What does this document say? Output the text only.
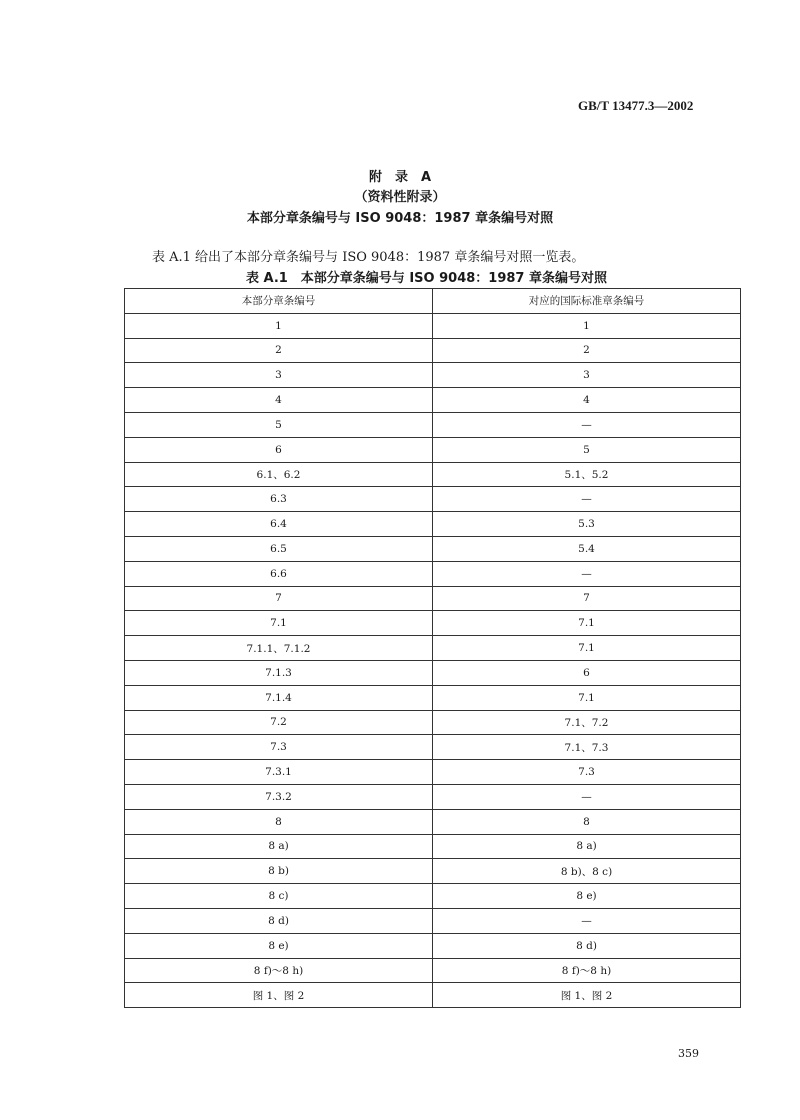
GB/T 13477.3—2002
附　录　A
（资料性附录）
本部分章条编号与 ISO 9048：1987 章条编号对照
表 A.1 给出了本部分章条编号与 ISO 9048：1987 章条编号对照一览表。
表 A.1　本部分章条编号与 ISO 9048：1987 章条编号对照
本部分章条编号	对应的国际标准章条编号
1	1
2	2
3	3
4	4
5	—
6	5
6.1、6.2	5.1、5.2
6.3	—
6.4	5.3
6.5	5.4
6.6	—
7	7
7.1	7.1
7.1.1、7.1.2	7.1
7.1.3	6
7.1.4	7.1
7.2	7.1、7.2
7.3	7.1、7.3
7.3.1	7.3
7.3.2	—
8	8
8 a)	8 a)
8 b)	8 b)、8 c)
8 c)	8 e)
8 d)	—
8 e)	8 d)
8 f)～8 h)	8 f)～8 h)
图 1、图 2	图 1、图 2
359
